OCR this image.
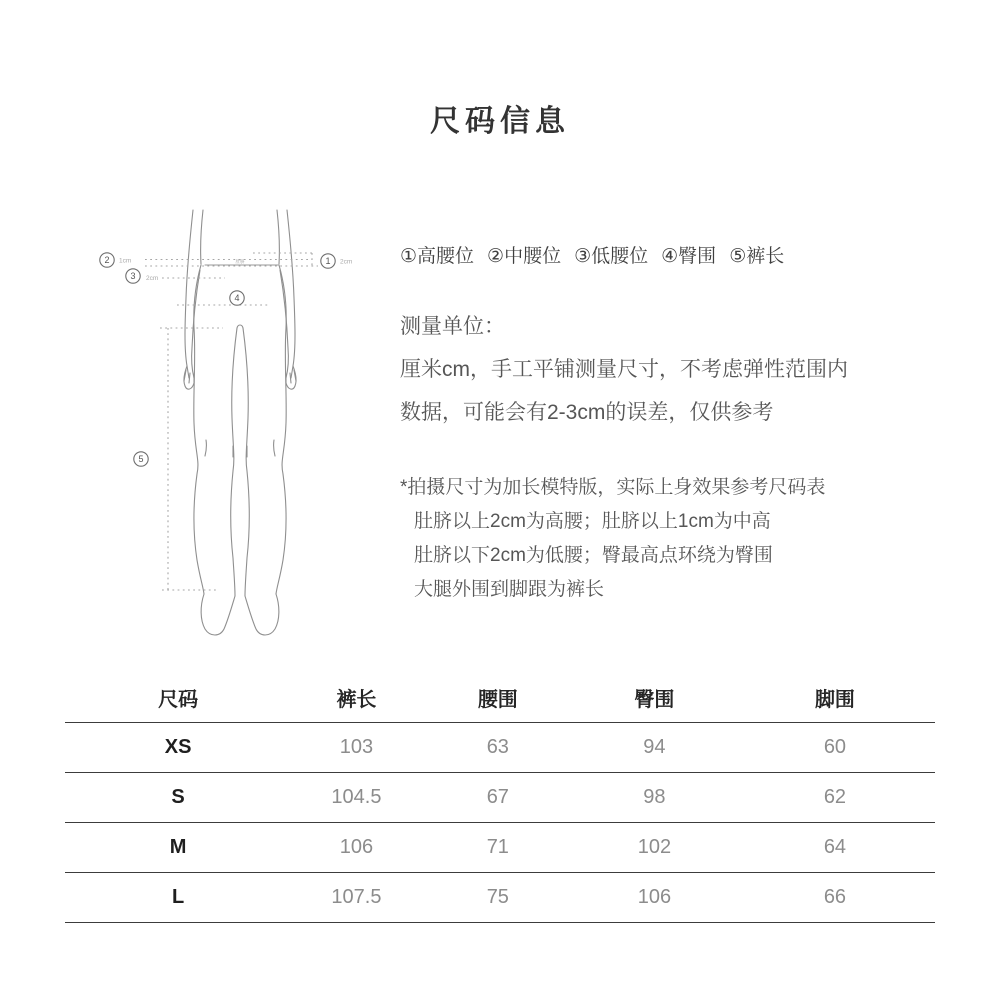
尺码信息
2 1cm
3 2cm
1 2cm
4
5
肚脐	①高腰位 ②中腰位 ③低腰位 ④臀围 ⑤裤长
测量单位：
厘米cm，手工平铺测量尺寸，不考虑弹性范围内
数据，可能会有2-3cm的误差，仅供参考
*拍摄尺寸为加长模特版，实际上身效果参考尺码表
肚脐以上2cm为高腰；肚脐以上1cm为中高
肚脐以下2cm为低腰；臀最高点环绕为臀围
大腿外围到脚跟为裤长
尺码	裤长	腰围	臀围	脚围
XS	103	63	94	60
S	104.5	67	98	62
M	106	71	102	64
L	107.5	75	106	66
